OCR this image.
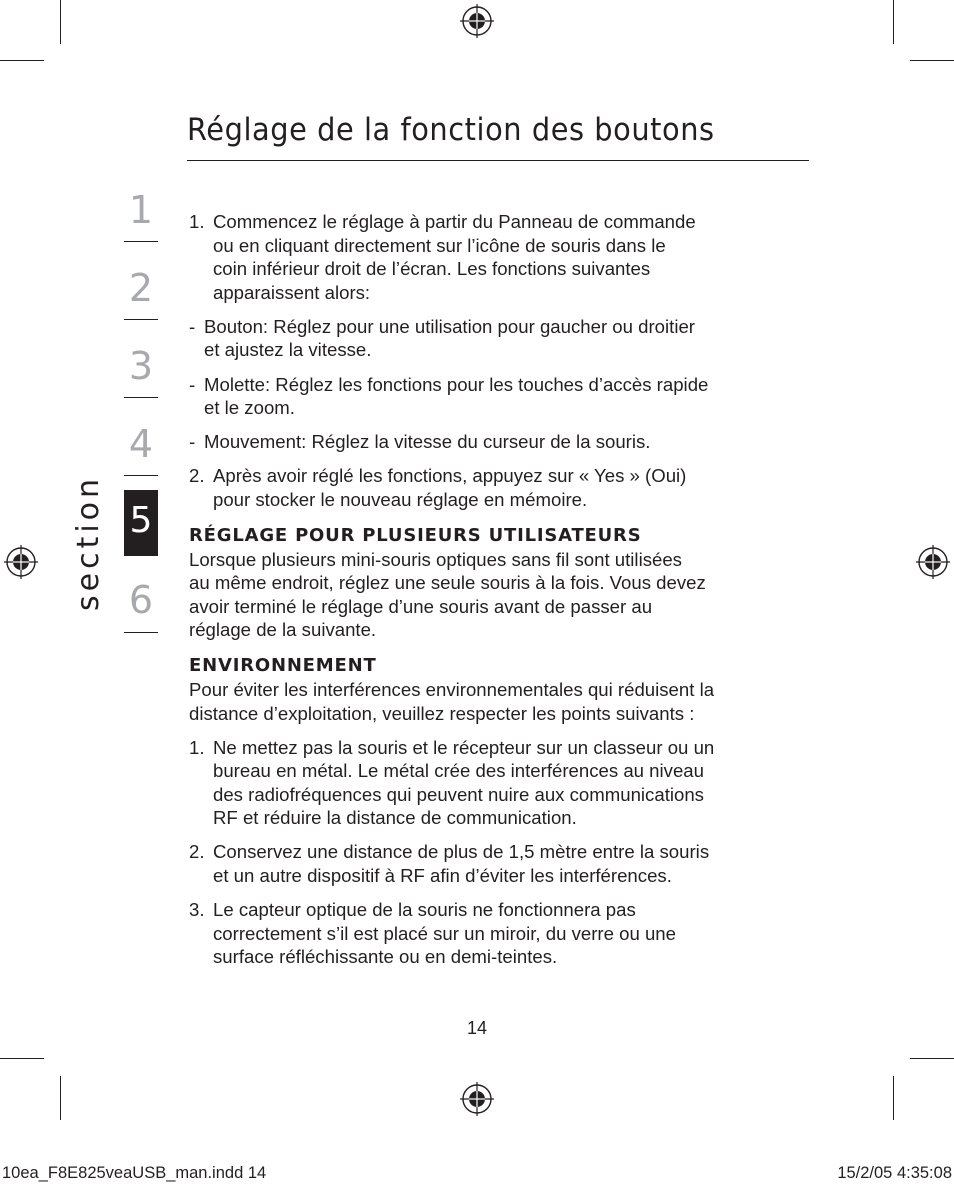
Réglage de la fonction des boutons
section
1
2
3
4
5
6
1. Commencez le réglage à partir du Panneau de commande
ou en cliquant directement sur l’icône de souris dans le
coin inférieur droit de l’écran. Les fonctions suivantes
apparaissent alors:
- Bouton: Réglez pour une utilisation pour gaucher ou droitier
et ajustez la vitesse.
- Molette: Réglez les fonctions pour les touches d’accès rapide
et le zoom.
- Mouvement: Réglez la vitesse du curseur de la souris.
2. Après avoir réglé les fonctions, appuyez sur « Yes » (Oui)
pour stocker le nouveau réglage en mémoire.
RÉGLAGE POUR PLUSIEURS UTILISATEURS
Lorsque plusieurs mini-souris optiques sans fil sont utilisées
au même endroit, réglez une seule souris à la fois. Vous devez
avoir terminé le réglage d’une souris avant de passer au
réglage de la suivante.
ENVIRONNEMENT
Pour éviter les interférences environnementales qui réduisent la
distance d’exploitation, veuillez respecter les points suivants :
1. Ne mettez pas la souris et le récepteur sur un classeur ou un
bureau en métal. Le métal crée des interférences au niveau
des radiofréquences qui peuvent nuire aux communications
RF et réduire la distance de communication.
2. Conservez une distance de plus de 1,5 mètre entre la souris
et un autre dispositif à RF afin d’éviter les interférences.
3. Le capteur optique de la souris ne fonctionnera pas
correctement s’il est placé sur un miroir, du verre ou une
surface réfléchissante ou en demi-teintes.
14
10ea_F8E825veaUSB_man.indd 14	15/2/05 4:35:08
